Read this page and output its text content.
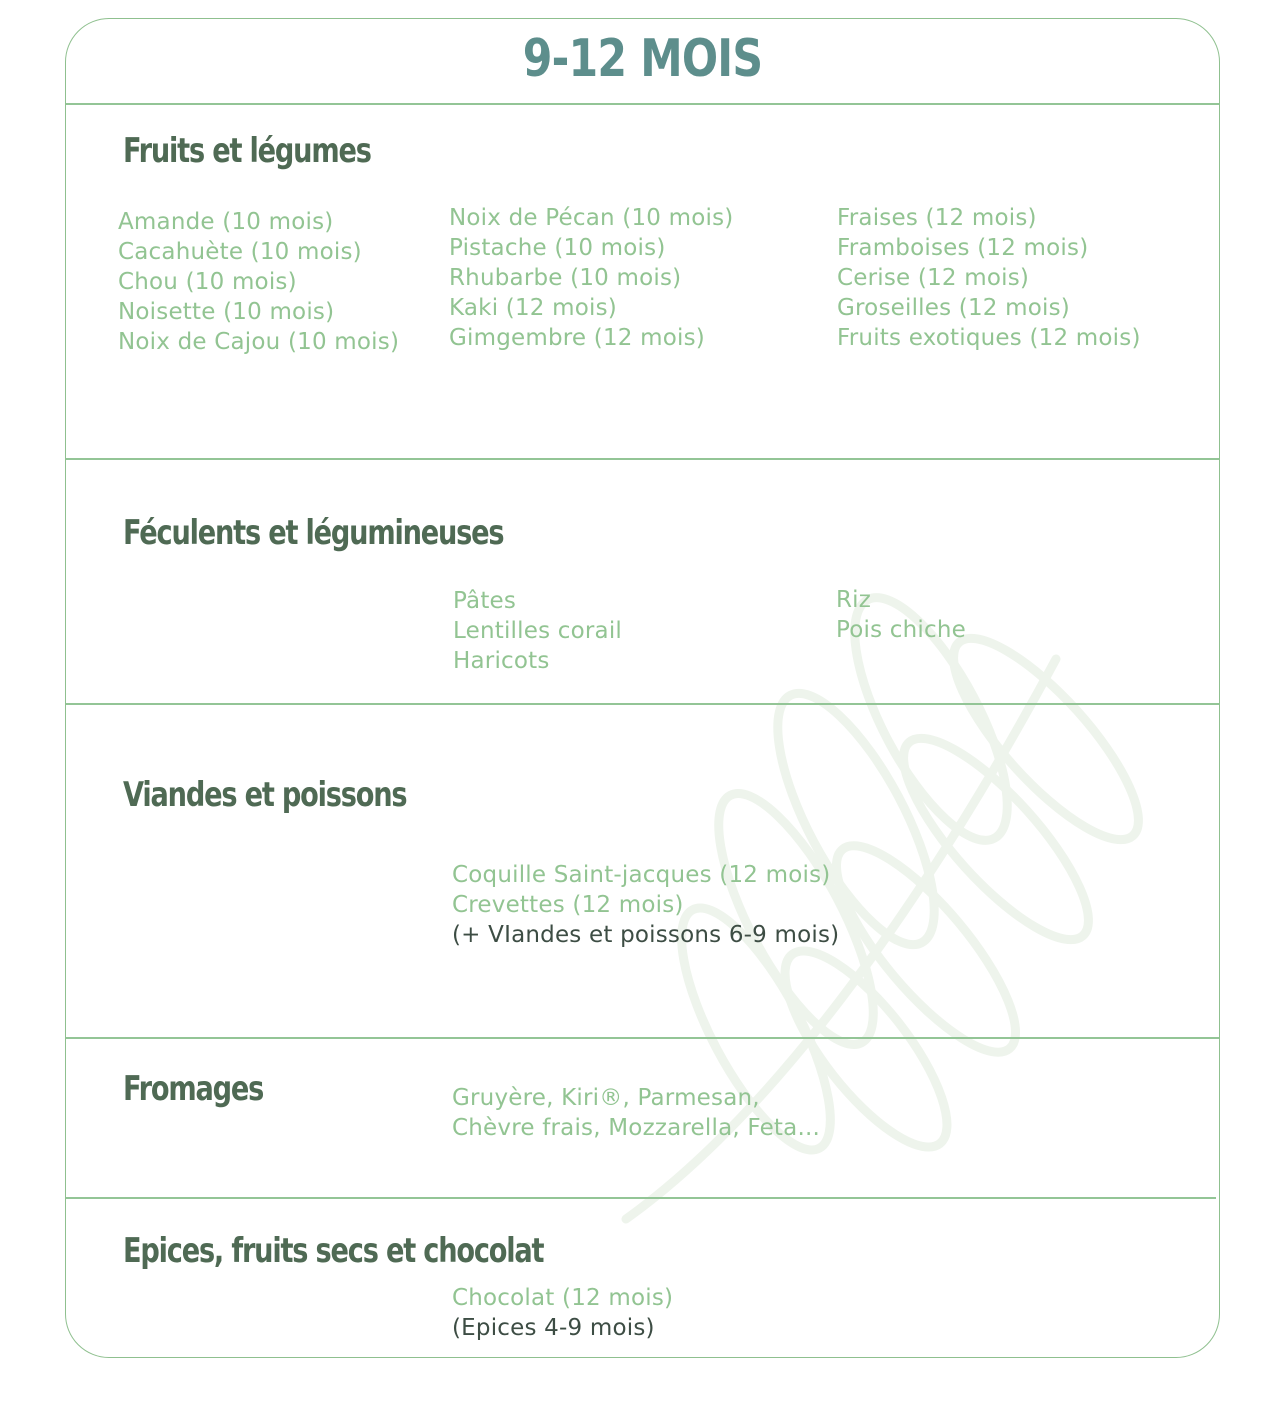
9-12 MOIS
Fruits et légumes
Amande (10 mois)
Cacahuète (10 mois)
Chou (10 mois)
Noisette (10 mois)
Noix de Cajou (10 mois)
Noix de Pécan (10 mois)
Pistache (10 mois)
Rhubarbe (10 mois)
Kaki (12 mois)
Gimgembre (12 mois)
Fraises (12 mois)
Framboises (12 mois)
Cerise (12 mois)
Groseilles (12 mois)
Fruits exotiques (12 mois)
Féculents et légumineuses
Pâtes
Lentilles corail
Haricots
Riz
Pois chiche
Viandes et poissons
Coquille Saint-jacques (12 mois)
Crevettes (12 mois)
(+ VIandes et poissons 6-9 mois)
Fromages	Gruyère, Kiri®, Parmesan,
Chèvre frais, Mozzarella, Feta...
Epices, fruits secs et chocolat
Chocolat (12 mois)
(Epices 4-9 mois)
